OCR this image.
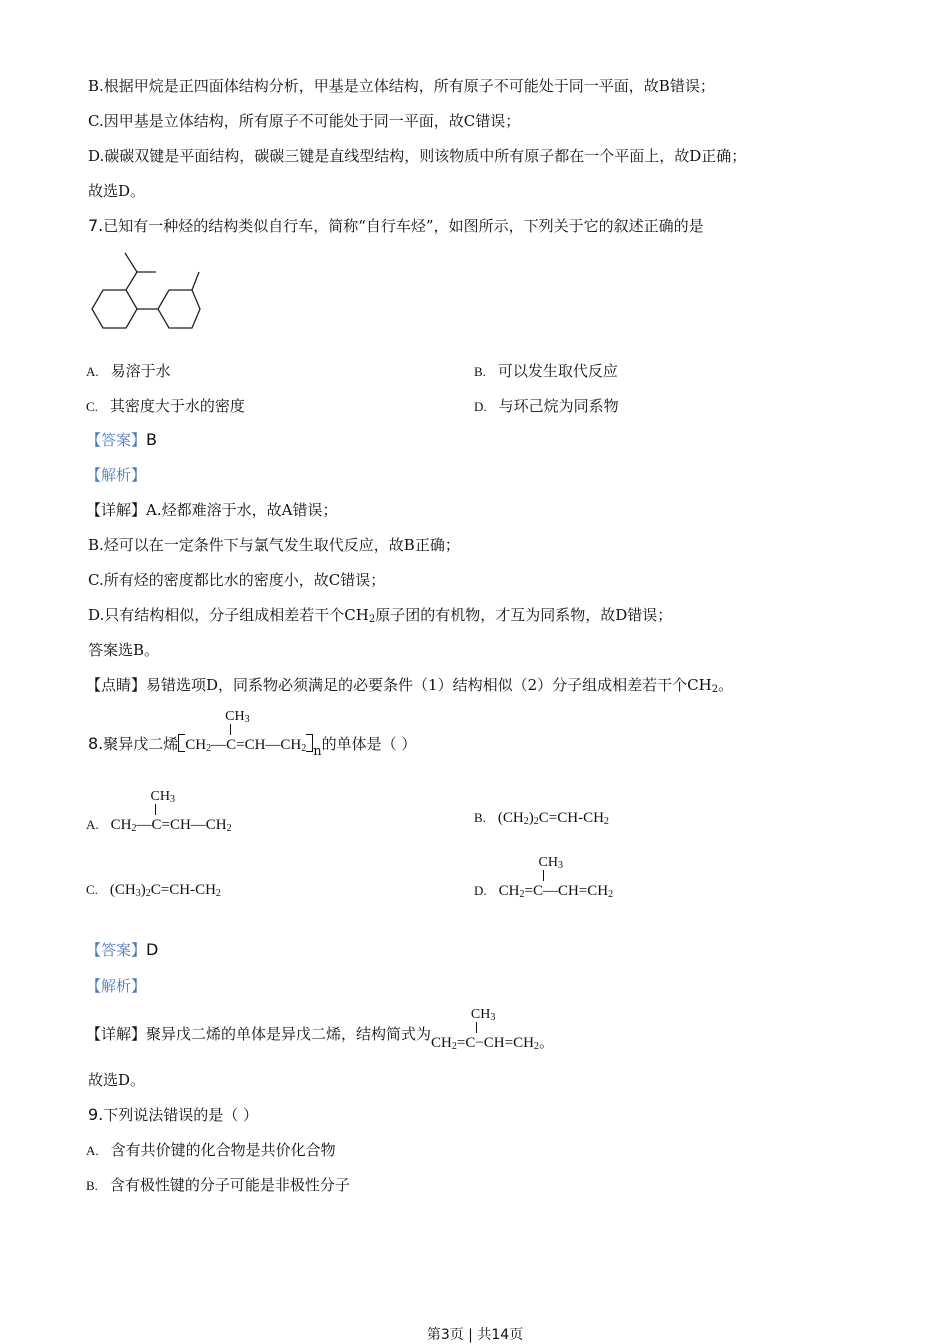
B.根据甲烷是正四面体结构分析，甲基是立体结构，所有原子不可能处于同一平面，故B错误；
C.因甲基是立体结构，所有原子不可能处于同一平面，故C错误；
D.碳碳双键是平面结构，碳碳三键是直线型结构，则该物质中所有原子都在一个平面上，故D正确；
故选D。
7.已知有一种烃的结构类似自行车，简称“自行车烃”，如图所示，下列关于它的叙述正确的是
A. 易溶于水	B. 可以发生取代反应
C. 其密度大于水的密度	D. 与环己烷为同系物
【答案】B
【解析】
【详解】A.烃都难溶于水，故A错误；
B.烃可以在一定条件下与氯气发生取代反应，故B正确；
C.所有烃的密度都比水的密度小，故C错误；
D.只有结构相似，分子组成相差若干个$CH_2$原子团的有机物，才互为同系物，故D错误；
答案选B。
【点睛】易错选项D，同系物必须满足的必要条件（1）结构相似（2）分子组成相差若干个$CH_2$。
8.聚异戊二烯 $CH_2$
$CH_3$
$—C=CH—CH_2$ $_n$的单体是（ ）
A. $CH_2$
$CH_3$
$—C=CH—CH_2$
B. $(CH_2)_2C=CH-CH_2$
C. $(CH_3)_2C=CH-CH_2$	D. $CH_2$
$CH_3$
$=C—CH=CH_2$
【答案】D
【解析】
【详解】聚异戊二烯的单体是异戊二烯，结构简式为$CH_2$
$CH_3$
$=C-CH=CH_2$。
故选D。
9.下列说法错误的是（ ）
A. 含有共价键的化合物是共价化合物
B. 含有极性键的分子可能是非极性分子
第3页 | 共14页
